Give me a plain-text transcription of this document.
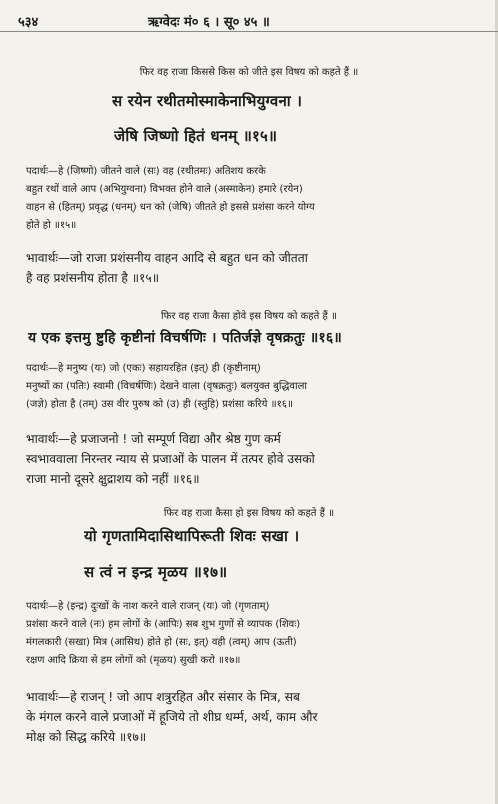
५३४	ऋग्वेदः मं० ६ । सू० ४५ ॥
फिर वह राजा किससे किस को जीते इस विषय को कहते हैं ॥
स रयेन रथीतमोस्माकेनाभियुग्वना ।
जेषि जिष्णो हितं धनम् ॥१५॥
पदार्थः—हे (जिष्णो) जीतने वाले (सः) वह (रथीतमः) अतिशय करके
बहुत रथों वाले आप (अभियुग्वना) विभक्त होने वाले (अस्माकेन) हमारे (रयेन)
वाहन से (हितम्) प्रवृद्ध (धनम्) धन को (जेषि) जीतते हो इससे प्रशंसा करने योग्य
होते हो ॥१५॥
भावार्थः—जो राजा प्रशंसनीय वाहन आदि से बहुत धन को जीतता
है वह प्रशंसनीय होता है ॥१५॥
फिर वह राजा कैसा होवे इस विषय को कहते हैं ॥
य एक इत्तमु ष्टुहि कृष्टीनां विचर्षणिः । पतिर्जज्ञे वृषक्रतुः ॥१६॥
पदार्थः—हे मनुष्य (यः) जो (एकः) सहायरहित (इत्) ही (कृष्टीनाम्)
मनुष्यों का (पतिः) स्वामी (विचर्षणिः) देखने वाला (वृषक्रतुः) बलयुक्त बुद्धिवाला
(जज्ञे) होता है (तम्) उस वीर पुरुष को (उ) ही (स्तुहि) प्रशंसा करिये ॥१६॥
भावार्थः—हे प्रजाजनो ! जो सम्पूर्ण विद्या और श्रेष्ठ गुण कर्म
स्वभाववाला निरन्तर न्याय से प्रजाओं के पालन में तत्पर होवे उसको
राजा मानो दूसरे क्षुद्राशय को नहीं ॥१६॥
फिर वह राजा कैसा हो इस विषय को कहते हैं ॥
यो गृणतामिदासिथापिरूती शिवः सखा ।
स त्वं न इन्द्र मृळय ॥१७॥
पदार्थः—हे (इन्द्र) दुःखों के नाश करने वाले राजन् (यः) जो (गृणताम्)
प्रशंसा करने वाले (नः) हम लोगों के (आपिः) सब शुभ गुणों से व्यापक (शिवः)
मंगलकारी (सखा) मित्र (आसिथ) होते हो (सः, इत्) वही (त्वम्) आप (ऊती)
रक्षण आदि क्रिया से हम लोगों को (मृळय) सुखी करो ॥१७॥
भावार्थः—हे राजन् ! जो आप शत्रुरहित और संसार के मित्र, सब
के मंगल करने वाले प्रजाओं में हूजिये तो शीघ्र धर्म्म, अर्थ, काम और
मोक्ष को सिद्ध करिये ॥१७॥
